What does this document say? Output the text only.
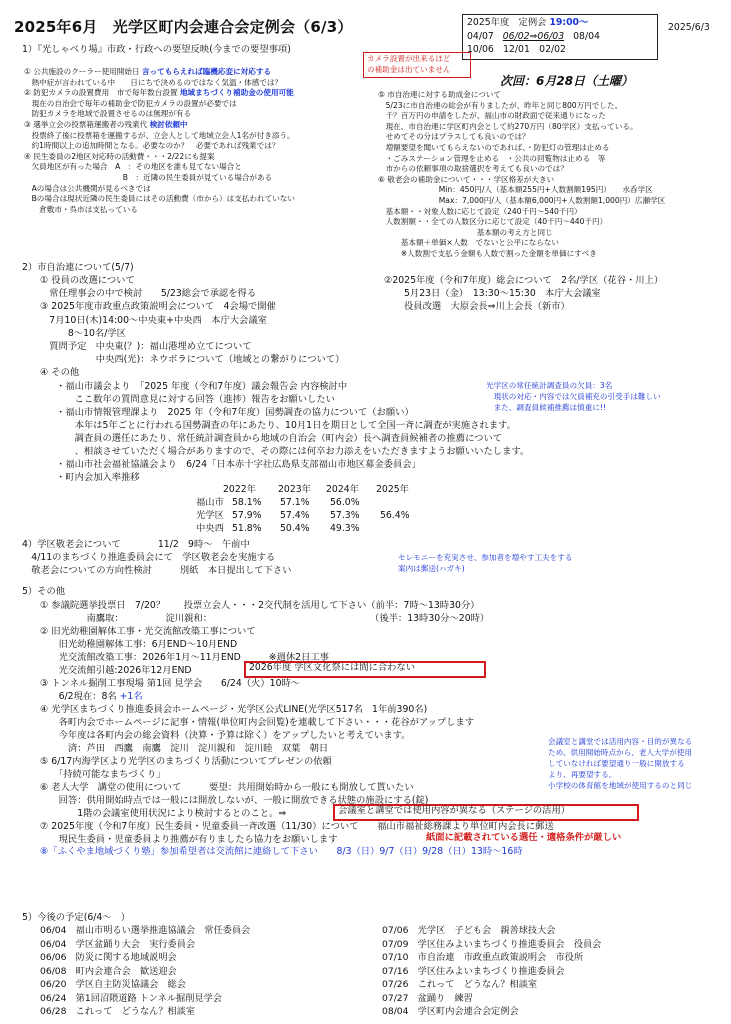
2025年6月　光学区町内会連合会定例会（6/3）	2025/6/3
2025年度　定例会 19:00〜
04/07 06/02⇒06/03 08/04
10/06　12/01　02/02
カメラ設置が出来るほど
の補助金は出ていません
次回：6月28日（土曜）
1）『光しゃべり場』市政・行政への要望反映(今までの要望事項)
① 公共施設のクーラー使用開始日 言ってもらえれば臨機応変に対応する
　熱中症が言われている中　　日にちで決めるのではなく気温・体感では？
② 防犯カメラの設置費用　市で毎年数台設置 地域まちづくり補助金の使用可能
　現在の自治会で毎年の補助金で防犯カメラの設置が必要では
　防犯カメラを地域で設置させるのは無理が有る
③ 選挙立会の投票箱運搬者の残業代 検討依頼中
　投票終了後に投票箱を運搬するが、立会人として地域立会人1名が付き添う。
　約1時間以上の追加時間となる。必要なのか？　必要であれば残業では？
④ 民生委員の2地区対応時の活動費・・・2/22にも提案
　欠員地区が有った場合　A　：その地区を誰も見てない場合と
　　　　　　　　　　　　　B　：近隣の民生委員が見ている場合がある
　Aの場合は公共機関が見るべきでは
　Bの場合は現状近隣の民生委員にはその活動費（市から）は支払われていない
　　倉敷市・呉市は支払っている
⑤ 市自治連に対する助成金について
　5/23に市自治連の総会が有りましたが、昨年と同じ800万円でした。
　千？百万円の申請をしたが、福山市の財政面で従来通りになった
　現在、市自治連に学区町内会として約270万円（80学区）支払っている。
　せめてその分はプラスしても良いのでは？
　増額要望を聞いてもらえないのであれば、・防犯灯の管理は止める
　・ごみステーション管理を止める　・公共の回覧物は止める　等
　市からの依頼事項の取捨選択を考えても良いのでは？
⑥ 敬老会の補助金について・・・学区格差が大きい
　　　　　　　　Min：450円/人（基本額255円+人数割額195円）　　水呑学区
　　　　　　　　Max：7,000円/人（基本額6,000円+人数割額1,000円）広瀬学区
　基本額・・対象人数に応じて設定（240千円〜540千円）
　人数割額・・全ての人数区分に応じて設定（40千円〜440千円）
　　　　　　　　　　　　　基本額の考え方と同じ
　　　基本額＋単価×人数　でないと公平にならない
　　　※人数割で支払う金額も人数で割った金額を単価にすべき
2）市自治連について(5/7)
① 役員の改選について	②2025年度（令和7年度）総会について　2名/学区（花谷・川上）
　常任理事会の中で検討　　5/23総会で承認を得る	5月23日（金）　13:30〜15:30　本庁大会議室
③ 2025年度市政重点政策説明会について　4会場で開催	役員改選　大原会長⇒川上会長（新市）
　7月10日(木)14:00〜中央東+中央西　本庁大会議室
　　　8〜10名/学区
　質問予定　中央東(？)：福山港埋め立てについて
　　　　　　中央西(光)：ネウボラについて（地域との繋がりについて）
④ その他
・福山市議会より　「2025 年度（令和7年度）議会報告会 内容検討中
　　ここ数年の質問意見に対する回答（進捗）報告をお願いしたい
・福山市情報管理課より　2025 年（令和7年度）国勢調査の協力について（お願い）
　　本年は5年ごとに行われる国勢調査の年にあたり、10月1日を期日として全国一斉に調査が実施されます。
　　調査員の選任にあたり、常任統計調査員から地域の自治会（町内会）長へ調査員候補者の推薦について
　　、相談させていただく場合がありますので、その際には何卒お力添えをいただきますようお願いいたします。
・福山市社会福祉協議会より　6/24「日本赤十字社広島県支部福山市地区募金委員会」
・町内会加入率推移
光学区の常任統計調査員の欠員：3名
　現状の対応・内容では欠員補充の引受手は難しい
　また、調査員候補推薦は慎重に!!
2022年 2023年 2024年 2025年
福山市 58.1% 57.1% 56.0%
光学区 57.9% 57.4% 57.3% 56.4%
中央西 51.8% 50.4% 49.3%
4）学区敬老会について　　　　11/2　9時〜　午前中
　4/11のまちづくり推進委員会にて　学区敬老会を実施する
　敬老会についての方向性検討　　　別紙　本日提出して下さい
セレモニーを充実させ、参加者を増やす工夫をする
案内は郵送(ハガキ)
5）その他
① 参議院選挙投票日　7/20？　　投票立会人・・・2交代制を活用して下さい（前半：7時〜13時30分）
　　　　　南鷹取：　　　　　淀川親和：　　　　　　　　　　　　　　　　　　（後半：13時30分〜20時）
② 旧光幼稚園解体工事・光交流館改築工事について
　　旧光幼稚園解体工事：6月END〜10月END
　　光交流館改築工事：2026年1月〜11月END　　　※週休2日工事
　　光交流館引越:2026年12月END
③ トンネル掘削工事現場 第1回 見学会　　6/24（火）10時〜
　　6/2現在：8名 +1名
④ 光学区まちづくり推進委員会ホームページ・光学区公式LINE(光学区517名　1年前390名)
　　各町内会でホームページに記事・情報(単位町内会回覧)を連載して下さい・・・花谷がアップします
　　今年度は各町内会の総会資料（決算・予算は除く）をアップしたいと考えています。
　　　済：芦田　西鷹　南鷹　淀川　淀川親和　淀川睦　双葉　朝日
⑤ 6/17内海学区より光学区のまちづくり活動についてプレゼンの依頼
　　「持続可能なまちづくり」
⑥ 老人大学　講堂の使用について　　　要望：共用開始時から一般にも開放して貰いたい
　　回答：供用開始時点では一般には開放しないが、一般に開放できる状態の施設にする(錠)
　　　　1階の会議室使用状況により検討するとのこと。⇒
⑦ 2025年度（令和7年度）民生委員・児童委員一斉改選（11/30）について　　福山市福祉総務課より単位町内会長に郵送
　　現民生委員・児童委員より推薦が有りましたら協力をお願いします
2026年度 学区文化祭には間に合わない
会議室と講堂では使用内容が異なる（ステージの活用）
紙面に記載されている選任・適格条件が厳しい
⑧「ふくやま地域づくり塾」参加希望者は交流館に連絡して下さい　　8/3（日）9/7（日）9/28（日）13時〜16時
会議室と講堂では活用内容・目的が異なる
ため、供用開始時点から、老人大学が使用
していなければ要望通り一般に開放する
より、再要望する。
小学校の体育館を地域が使用するのと同じ
5）今後の予定(6/4〜　）
06/04　福山市明るい選挙推進協議会　常任委員会
06/04　学区盆踊り大会　実行委員会
06/06　防災に関する地域説明会
06/08　町内会連合会　歓送迎会
06/20　学区自主防災協議会　総会
06/24　第1回沼隈道路 トンネル掘削見学会
06/28　これって　どうなん？相談室
07/06　光学区　子ども会　親善球技大会
07/09　学区住みよいまちづくり推進委員会　役員会
07/10　市自治連　市政重点政策説明会　市役所
07/16　学区住みよいまちづくり推進委員会
07/26　これって　どうなん？相談室
07/27　盆踊り　練習
08/04　学区町内会連合会定例会
